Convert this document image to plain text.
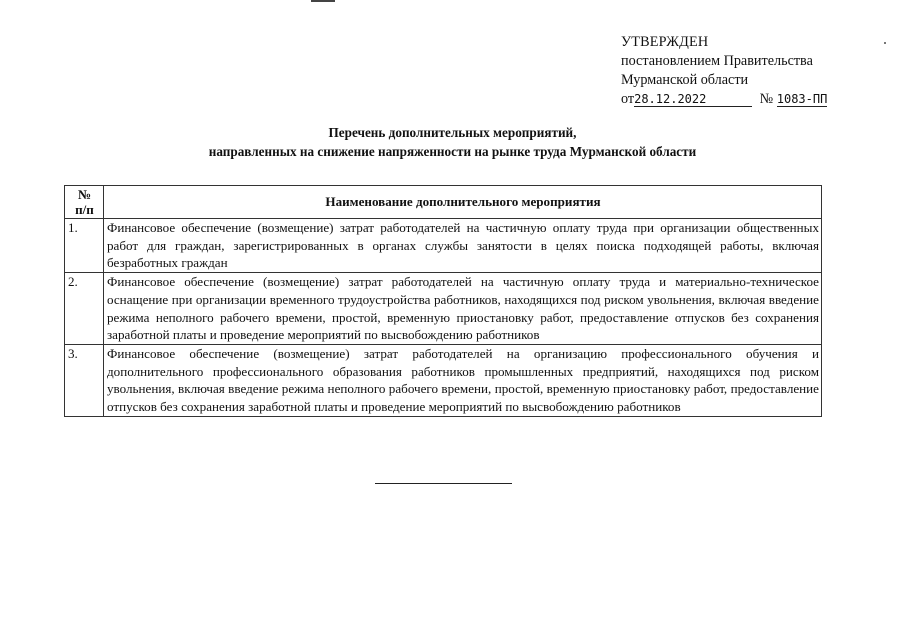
УТВЕРЖДЕН
постановлением Правительства
Мурманской области
от28.12.2022	№ 1083-ПП
Перечень дополнительных мероприятий,
направленных на снижение напряженности на рынке труда Мурманской области
№
п/п	Наименование дополнительного мероприятия
1.	Финансовое обеспечение (возмещение) затрат работодателей на частичную оплату труда при организации общественных работ для граждан, зарегистрированных в органах службы занятости в целях поиска подходящей работы, включая безработных граждан
2.	Финансовое обеспечение (возмещение) затрат работодателей на частичную оплату труда и материально-техническое оснащение при организации временного трудоустройства работников, находящихся под риском увольнения, включая введение режима неполного рабочего времени, простой, временную приостановку работ, предоставление отпусков без сохранения заработной платы и проведение мероприятий по высвобождению работников
3.	Финансовое обеспечение (возмещение) затрат работодателей на организацию профессионального обучения и дополнительного профессионального образования работников промышленных предприятий, находящихся под риском увольнения, включая введение режима неполного рабочего времени, простой, временную приостановку работ, предоставление отпусков без сохранения заработной платы и проведение мероприятий по высвобождению работников
